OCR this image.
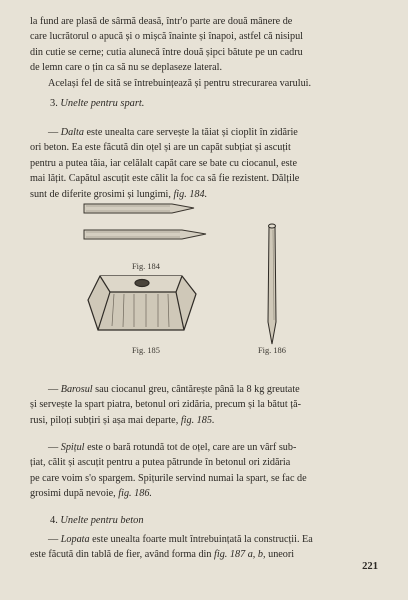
la fund are plasă de sârmă deasă, într'o parte are două mânere de

care lucrătorul o apucă și o mișcă înainte și înapoi, astfel că nisipul

din cutie se cerne; cutia alunecă între două șipci bătute pe un cadru

de lemn care o țin ca să nu se deplaseze lateral.

Același fel de sită se întrebuințează și pentru strecurarea varului.

3. Unelte pentru spart.

— Dalta este unealta care servește la tăiat și cioplit în zidărie

ori beton. Ea este făcută din oțel și are un capăt subțiat și ascuțit

pentru a putea tăia, iar celălalt capăt care se bate cu ciocanul, este

mai lățit. Capătul ascuțit este călit la foc ca să fie rezistent. Dălțile

sunt de diferite grosimi și lungimi, fig. 184.

Fig. 184
Fig. 185	Fig. 186

— Barosul sau ciocanul greu, cântărește până la 8 kg greutate

și servește la spart piatra, betonul ori zidăria, precum și la bătut ță-

rusi, piloți subțiri și așa mai departe, fig. 185.

— Spițul este o bară rotundă tot de oțel, care are un vârf sub-

țiat, călit și ascuțit pentru a putea pătrunde în betonul ori zidăria

pe care voim s'o spargem. Spițurile servind numai la spart, se fac de

grosimi după nevoie, fig. 186.

4. Unelte pentru beton

— Lopata este unealta foarte mult întrebuințată la construcții. Ea

este făcută din tablă de fier, având forma din fig. 187 a, b, uneori

221
